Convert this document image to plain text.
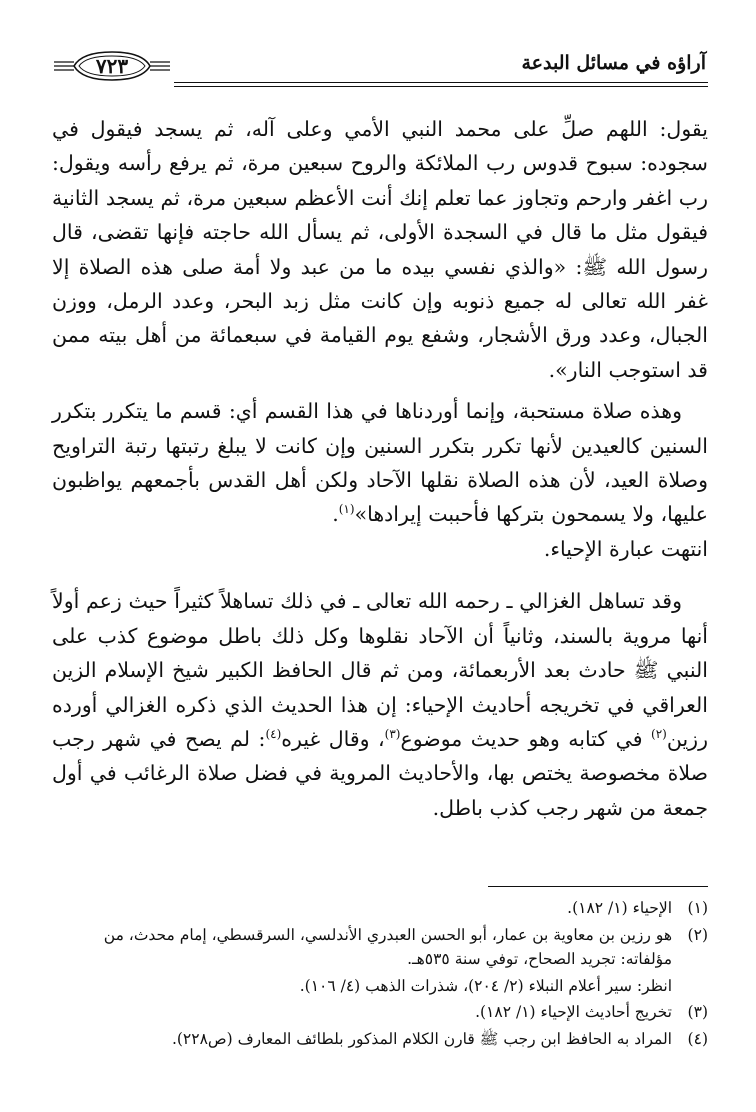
آراؤه في مسائل البدعة
٧٢٣

يقول: اللهم صلِّ على محمد النبي الأمي وعلى آله، ثم يسجد فيقول في سجوده: سبوح قدوس رب الملائكة والروح سبعين مرة، ثم يرفع رأسه ويقول: رب اغفر وارحم وتجاوز عما تعلم إنك أنت الأعظم سبعين مرة، ثم يسجد الثانية فيقول مثل ما قال في السجدة الأولى، ثم يسأل الله حاجته فإنها تقضى، قال رسول الله ﷺ: «والذي نفسي بيده ما من عبد ولا أمة صلى هذه الصلاة إلا غفر الله تعالى له جميع ذنوبه وإن كانت مثل زبد البحر، وعدد الرمل، ووزن الجبال، وعدد ورق الأشجار، وشفع يوم القيامة في سبعمائة من أهل بيته ممن قد استوجب النار».

وهذه صلاة مستحبة، وإنما أوردناها في هذا القسم أي: قسم ما يتكرر بتكرر السنين كالعيدين لأنها تكرر بتكرر السنين وإن كانت لا يبلغ رتبتها رتبة التراويح وصلاة العيد، لأن هذه الصلاة نقلها الآحاد ولكن أهل القدس بأجمعهم يواظبون عليها، ولا يسمحون بتركها فأحببت إيرادها»$^{(١)}$.

انتهت عبارة الإحياء.

وقد تساهل الغزالي ـ رحمه الله تعالى ـ في ذلك تساهلاً كثيراً حيث زعم أولاً أنها مروية بالسند، وثانياً أن الآحاد نقلوها وكل ذلك باطل موضوع كذب على النبي ﷺ حادث بعد الأربعمائة، ومن ثم قال الحافظ الكبير شيخ الإسلام الزين العراقي في تخريجه أحاديث الإحياء: إن هذا الحديث الذي ذكره الغزالي أورده رزين$^{(٢)}$ في كتابه وهو حديث موضوع$^{(٣)}$، وقال غيره$^{(٤)}$: لم يصح في شهر رجب صلاة مخصوصة يختص بها، والأحاديث المروية في فضل صلاة الرغائب في أول جمعة من شهر رجب كذب باطل.

(١)
الإحياء (١/ ١٨٢).
(٢)
هو رزين بن معاوية بن عمار، أبو الحسن العبدري الأندلسي، السرقسطي، إمام محدث، من مؤلفاته: تجريد الصحاح، توفي سنة ٥٣٥هـ.
انظر: سير أعلام النبلاء (٢/ ٢٠٤)، شذرات الذهب (٤/ ١٠٦).
(٣)
تخريج أحاديث الإحياء (١/ ١٨٢).
(٤)
المراد به الحافظ ابن رجب ﷺ قارن الكلام المذكور بلطائف المعارف (ص٢٢٨).
